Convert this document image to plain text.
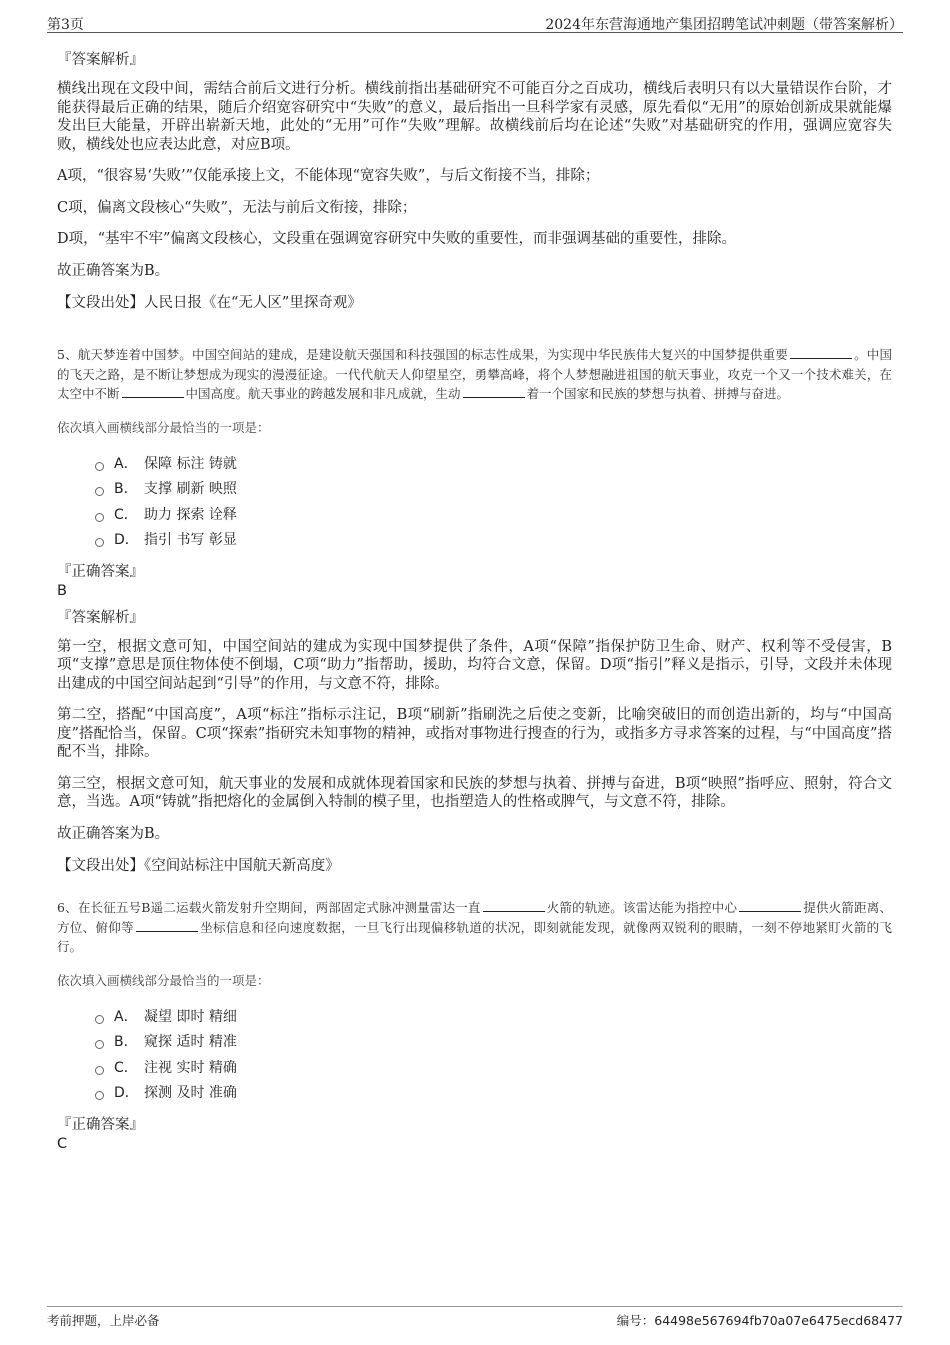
第3页	2024年东营海通地产集团招聘笔试冲刺题（带答案解析）
『答案解析』

横线出现在文段中间，需结合前后文进行分析。横线前指出基础研究不可能百分之百成功，横线后表明只有以大量错误作台阶，才能获得最后正确的结果，随后介绍宽容研究中“失败”的意义，最后指出一旦科学家有灵感，原先看似“无用”的原始创新成果就能爆发出巨大能量，开辟出崭新天地，此处的“无用”可作“失败”理解。故横线前后均在论述“失败”对基础研究的作用，强调应宽容失败，横线处也应表达此意，对应B项。

A项，“很容易‘失败’”仅能承接上文，不能体现“宽容失败”，与后文衔接不当，排除；

C项，偏离文段核心“失败”，无法与前后文衔接，排除；

D项，“基牢不牢”偏离文段核心，文段重在强调宽容研究中失败的重要性，而非强调基础的重要性，排除。

故正确答案为B。

【文段出处】人民日报《在“无人区”里探奇观》

5、航天梦连着中国梦。中国空间站的建成，是建设航天强国和科技强国的标志性成果，为实现中华民族伟大复兴的中国梦提供重要	。中国的飞天之路，是不断让梦想成为现实的漫漫征途。一代代航天人仰望星空，勇攀高峰，将个人梦想融进祖国的航天事业，攻克一个又一个技术难关，在太空中不断	中国高度。航天事业的跨越发展和非凡成就，生动	着一个国家和民族的梦想与执着、拼搏与奋进。

依次填入画横线部分最恰当的一项是：
A． 保障 标注 铸就
B． 支撑 刷新 映照
C． 助力 探索 诠释
D． 指引 书写 彰显
『正确答案』
B
『答案解析』

第一空，根据文意可知，中国空间站的建成为实现中国梦提供了条件，A项“保障”指保护防卫生命、财产、权利等不受侵害，B项“支撑”意思是顶住物体使不倒塌，C项“助力”指帮助，援助，均符合文意，保留。D项“指引”释义是指示，引导，文段并未体现出建成的中国空间站起到“引导”的作用，与文意不符，排除。

第二空，搭配“中国高度”，A项“标注”指标示注记，B项“刷新”指刷洗之后使之变新，比喻突破旧的而创造出新的，均与“中国高度”搭配恰当，保留。C项“探索”指研究未知事物的精神，或指对事物进行搜查的行为，或指多方寻求答案的过程，与“中国高度”搭配不当，排除。

第三空，根据文意可知，航天事业的发展和成就体现着国家和民族的梦想与执着、拼搏与奋进，B项“映照”指呼应、照射，符合文意，当选。A项“铸就”指把熔化的金属倒入特制的模子里，也指塑造人的性格或脾气，与文意不符，排除。

故正确答案为B。

【文段出处】《空间站标注中国航天新高度》

6、在长征五号B遥二运载火箭发射升空期间，两部固定式脉冲测量雷达一直	火箭的轨迹。该雷达能为指控中心	提供火箭距离、方位、俯仰等	坐标信息和径向速度数据，一旦飞行出现偏移轨道的状况，即刻就能发现，就像两双锐利的眼睛，一刻不停地紧盯火箭的飞行。

依次填入画横线部分最恰当的一项是：
A． 凝望 即时 精细
B． 窥探 适时 精准
C． 注视 实时 精确
D． 探测 及时 准确
『正确答案』
C
考前押题，上岸必备	编号：64498e567694fb70a07e6475ecd68477
